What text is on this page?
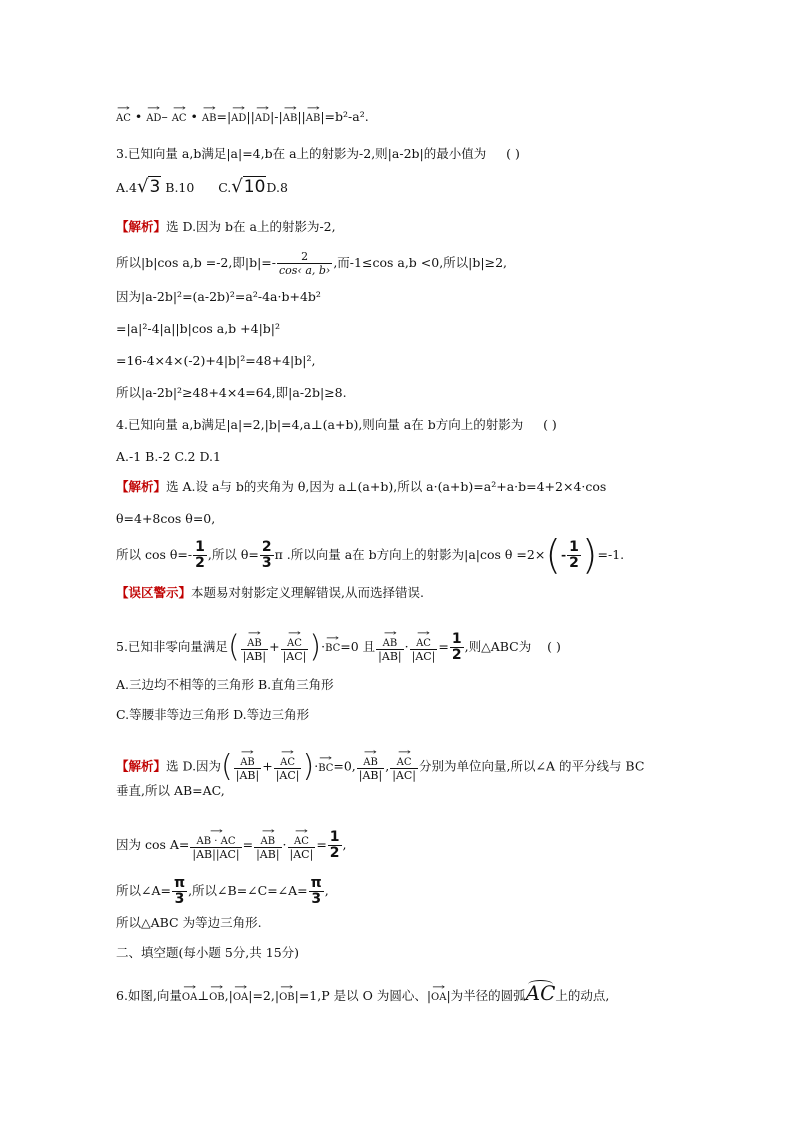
→ AC • → AD– → AC • → AB=|→ AD||→ AD|-|→ AB||→ AB|=b²-a².
3.已知向量 a,b满足|a|=4,b在 a上的射影为-2,则|a-2b|的最小值为 ( )
A.4√3 B.10 C.√10D.8
【解析】选 D.因为 b在 a上的射影为-2,
所以|b|cos a,b =-2,即$|b|=- \frac{2}{\cos‹ a, b›}$ ,而-1≤cos a,b <0,所以|b|≥2,
因为|a-2b|²=(a-2b)²=a²-4a·b+4b²
=|a|²-4|a||b|cos a,b +4|b|²
=16-4×4×(-2)+4|b|²=48+4|b|²,
所以|a-2b|²≥48+4×4=64,即|a-2b|≥8.
4.已知向量 a,b满足|a|=2,|b|=4,a⊥(a+b),则向量 a在 b方向上的射影为 ( )
A.-1 B.-2 C.2 D.1
【解析】选 A.设 a与 b的夹角为 θ,因为 a⊥(a+b),所以 a·(a+b)=a²+a·b=4+2×4·cos
θ=4+8cos θ=0,
所以 $\cos \theta=- \frac{1}{2}$ ,所以 $\theta= \frac{2}{3}$ π .所以向量 a在 b方向上的射影为|a|cos $\theta =2\times(- \frac{1}{2} )=-1$.
【误区警示】本题易对射影定义理解错误,从而选择错误.
5.已知非零向量满足(
→ $\frac{AB}{|AB|}$ +
→ $\frac{AC}{|AC|}$ )·→ BC=0 且
→ $\frac{AB}{|AB|}$ ·
→ $\frac{AC}{|AC|} = \frac{1}{2}$ ,则△ABC为 ( )
A.三边均不相等的三角形 B.直角三角形
C.等腰非等边三角形 D.等边三角形
【解析】选 D.因为(
→ $\frac{AB}{|AB|}$ +
→ $\frac{AC}{|AC|}$ )·→ BC=0,
→ $\frac{AB}{|AB|}$ ,
→ $\frac{AC}{|AC|}$ 分别为单位向量,所以∠A 的平分线与 BC
垂直,所以 AB=AC,
因为 cos A=
→ $\frac{AB \cdot AC}{|AB||AC|}$ =
→ $\frac{AB}{|AB|}$ ·
→ $\frac{AC}{|AC|} = \frac{1}{2}$ ,
所以∠A= $\frac{\pi}{3}$ ,所以∠B=∠C=∠A= $\frac{\pi}{3}$ ,
所以△ABC 为等边三角形.
二、填空题(每小题 5分,共 15分)
6.如图,向量→ OA⊥→ OB,|→ OA|=2,|→ OB|=1,P 是以 O 为圆心、|→ OA|为半径的圆弧AC上的动点,
